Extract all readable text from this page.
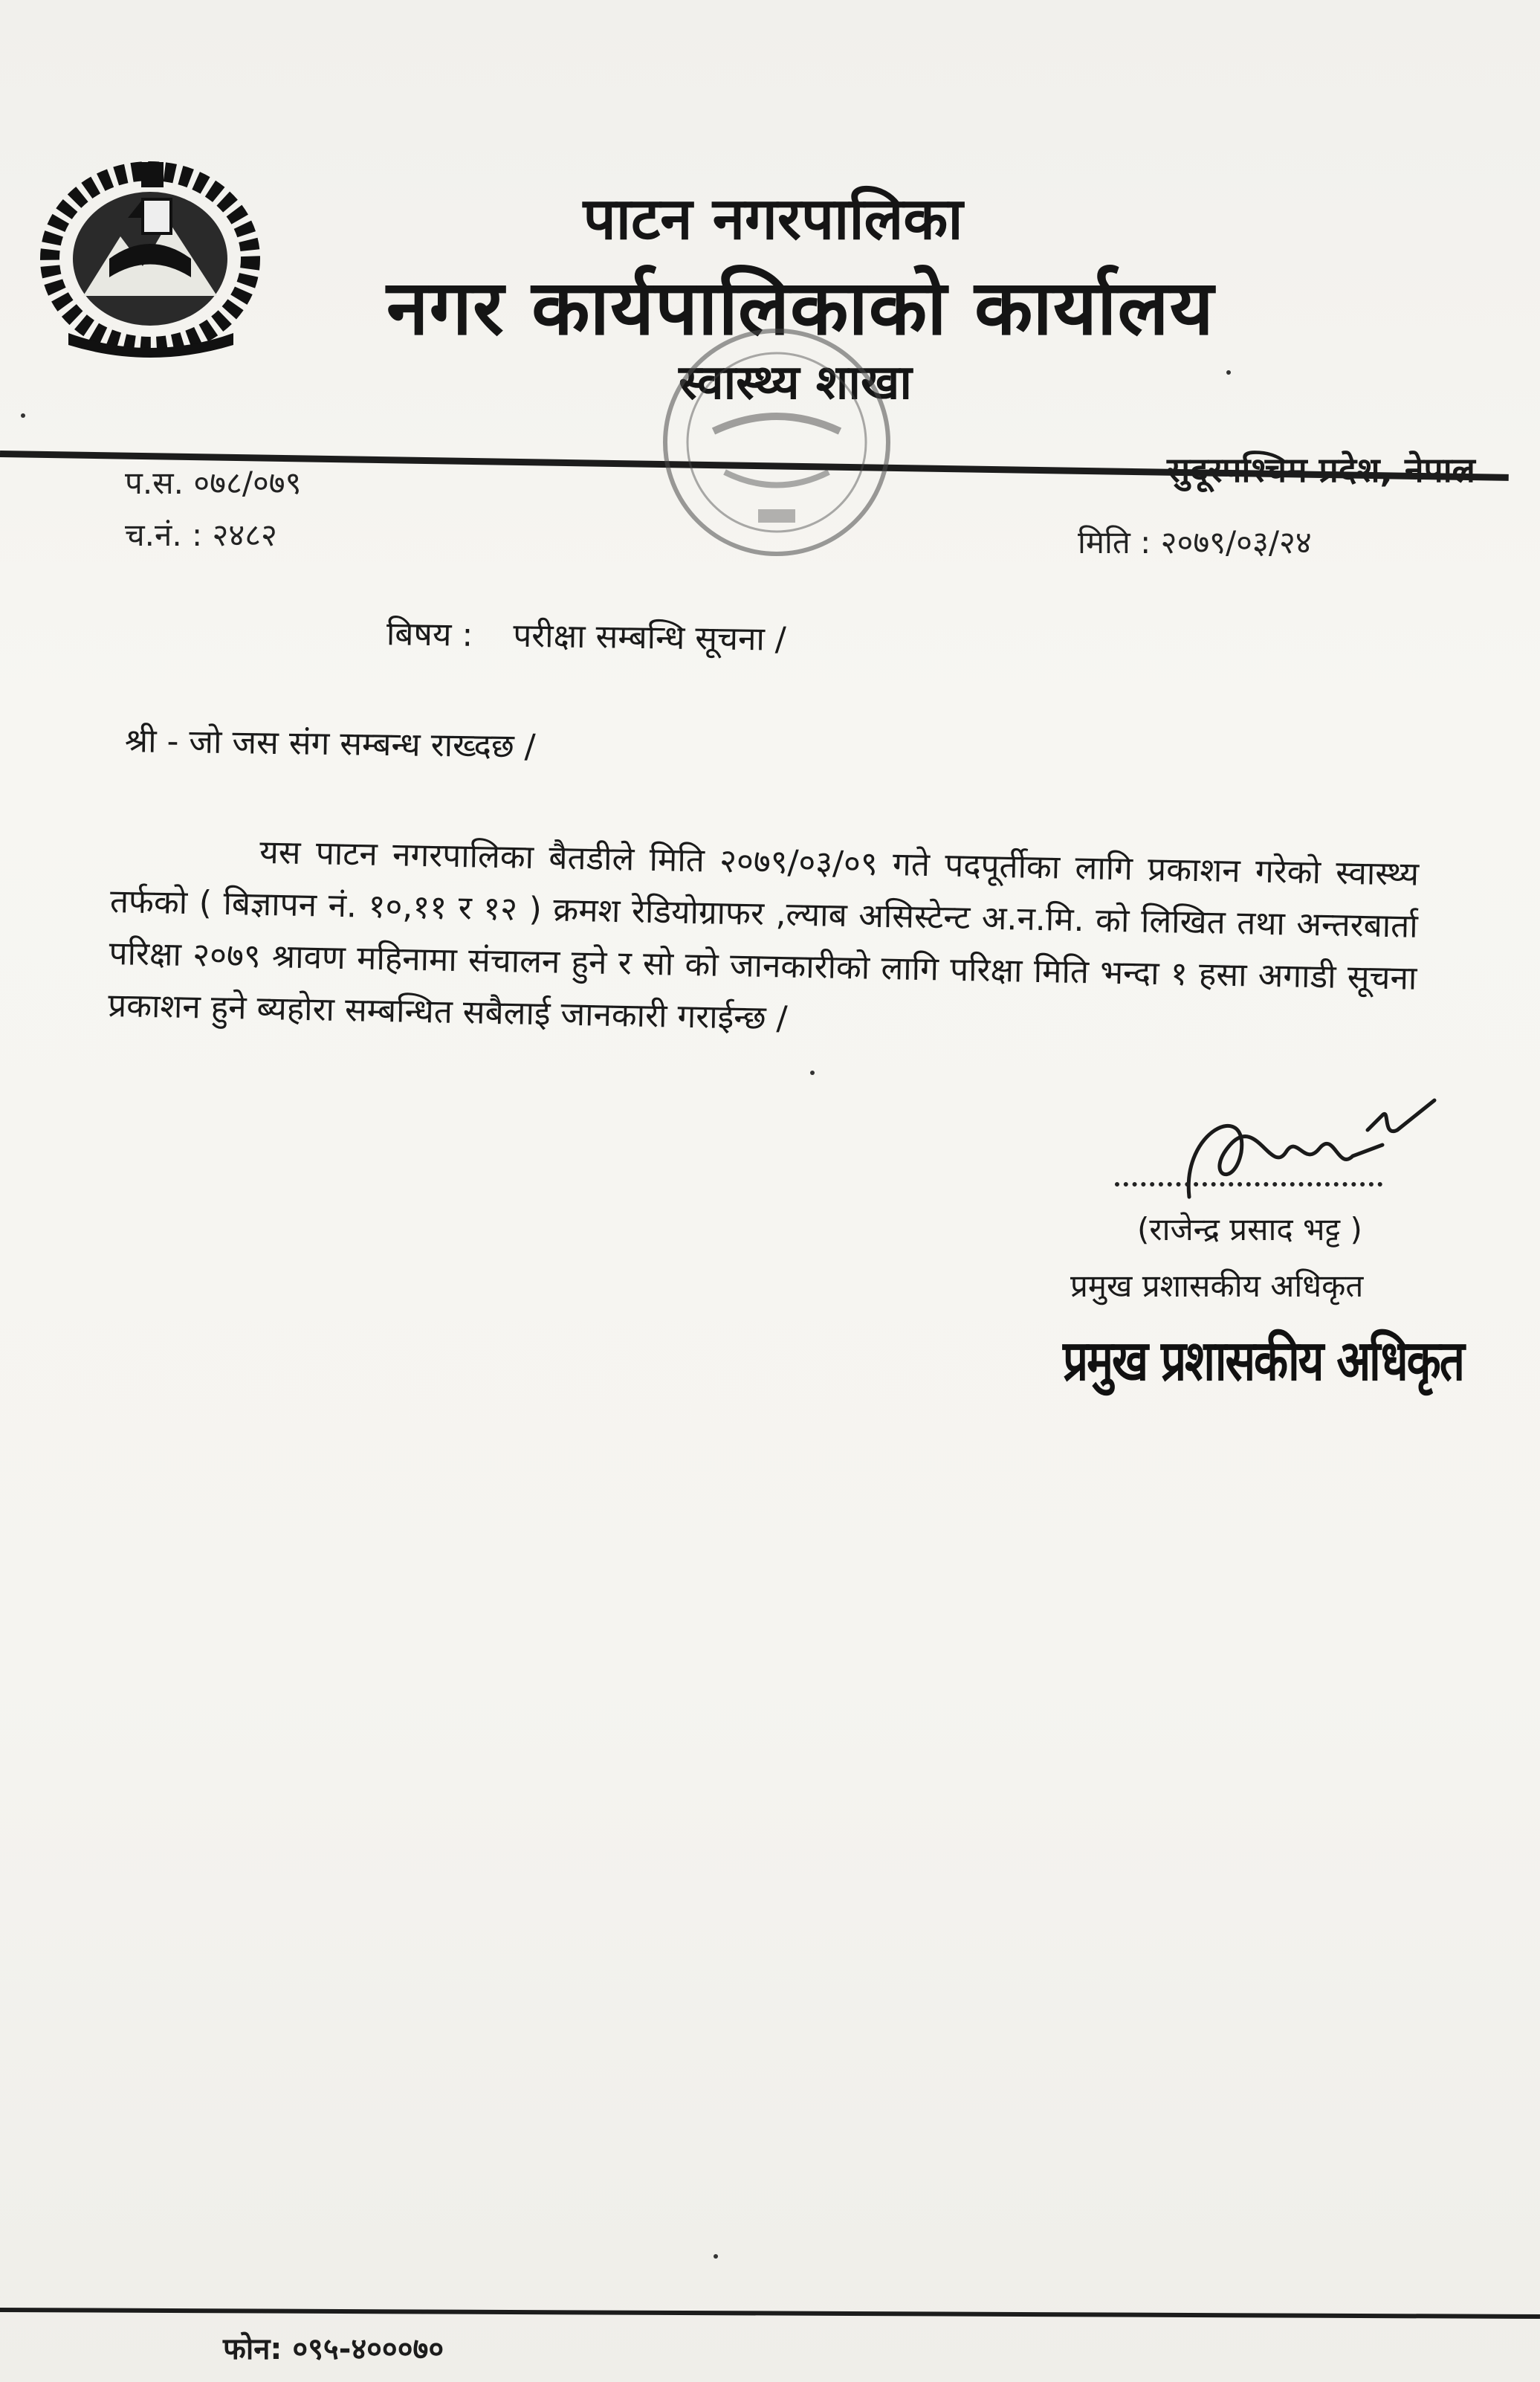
पाटन नगरपालिका
नगर कार्यपालिकाको कार्यालय
स्वास्थ्य शाखा
सुदूरपश्चिम प्रदेश, नेपाल
प.स. ०७८/०७९
च.नं. : २४८२	मिति : २०७९/०३/२४
बिषय : परीक्षा सम्बन्धि सूचना /
श्री - जो जस संग सम्बन्ध राख्दछ /
यस पाटन नगरपालिका बैतडीले मिति २०७९/०३/०९ गते पदपूर्तीका लागि प्रकाशन गरेको स्वास्थ्य तर्फको ( बिज्ञापन नं. १०,११ र १२ ) क्रमश रेडियोग्राफर ,ल्याब असिस्टेन्ट अ.न.मि. को लिखित तथा अन्तरबार्ता परिक्षा २०७९ श्रावण महिनामा संचालन हुने र सो को जानकारीको लागि परिक्षा मिति भन्दा १ हसा अगाडी सूचना प्रकाशन हुने ब्यहोरा सम्बन्धित सबैलाई जानकारी गराईन्छ /
(राजेन्द्र प्रसाद भट्ट )
प्रमुख प्रशासकीय अधिकृत
प्रमुख प्रशासकीय अधिकृत
फोन: ०९५-४०००७०
